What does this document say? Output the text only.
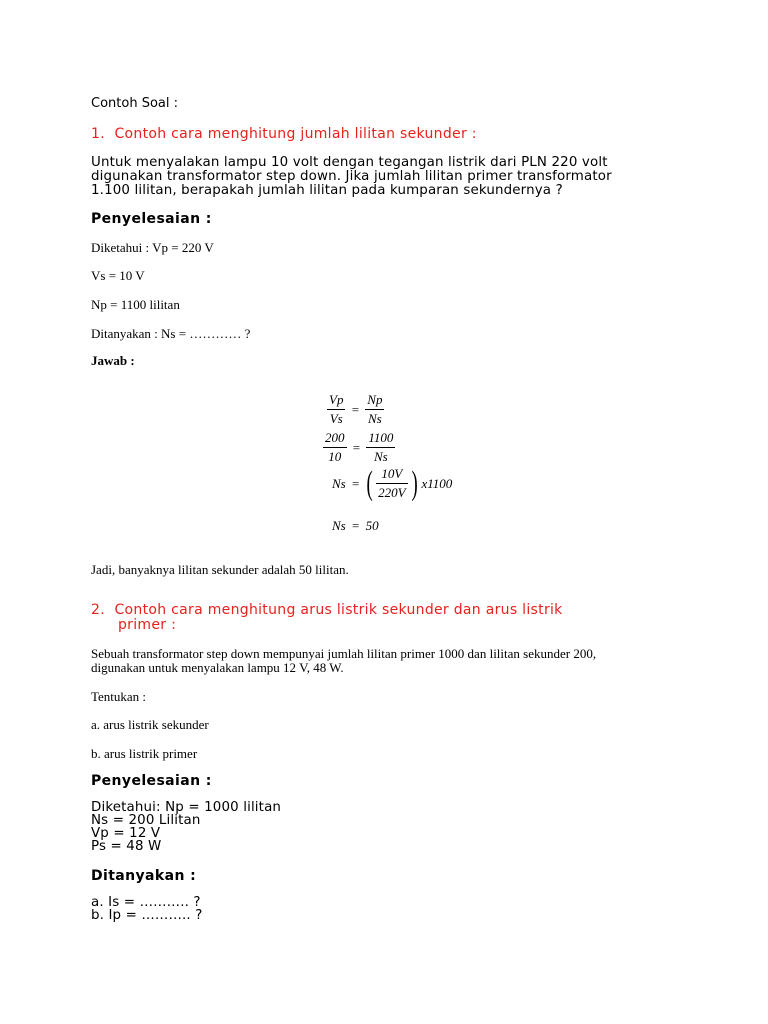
Contoh Soal :
1. Contoh cara menghitung jumlah lilitan sekunder :
Untuk menyalakan lampu 10 volt dengan tegangan listrik dari PLN 220 volt
digunakan transformator step down. Jika jumlah lilitan primer transformator
1.100 lilitan, berapakah jumlah lilitan pada kumparan sekundernya ?
Penyelesaian :
Diketahui : Vp = 220 V
Vs = 10 V
Np = 1100 lilitan
Ditanyakan : Ns = ………… ?
Jawab :
$\frac{Vp}{Vs} = \frac{Np}{Ns}$
$\frac{200}{10} = \frac{1100}{Ns}$
Ns = ( $\frac{10V}{220V}$ ) x1100
Ns = 50
Jadi, banyaknya lilitan sekunder adalah 50 lilitan.
2. Contoh cara menghitung arus listrik sekunder dan arus listrik
primer :
Sebuah transformator step down mempunyai jumlah lilitan primer 1000 dan lilitan sekunder 200,
digunakan untuk menyalakan lampu 12 V, 48 W.
Tentukan :
a. arus listrik sekunder
b. arus listrik primer
Penyelesaian :
Diketahui: Np = 1000 lilitan
Ns = 200 Lilitan
Vp = 12 V
Ps = 48 W
Ditanyakan :
a. Is = ……….. ?
b. Ip = ……….. ?
